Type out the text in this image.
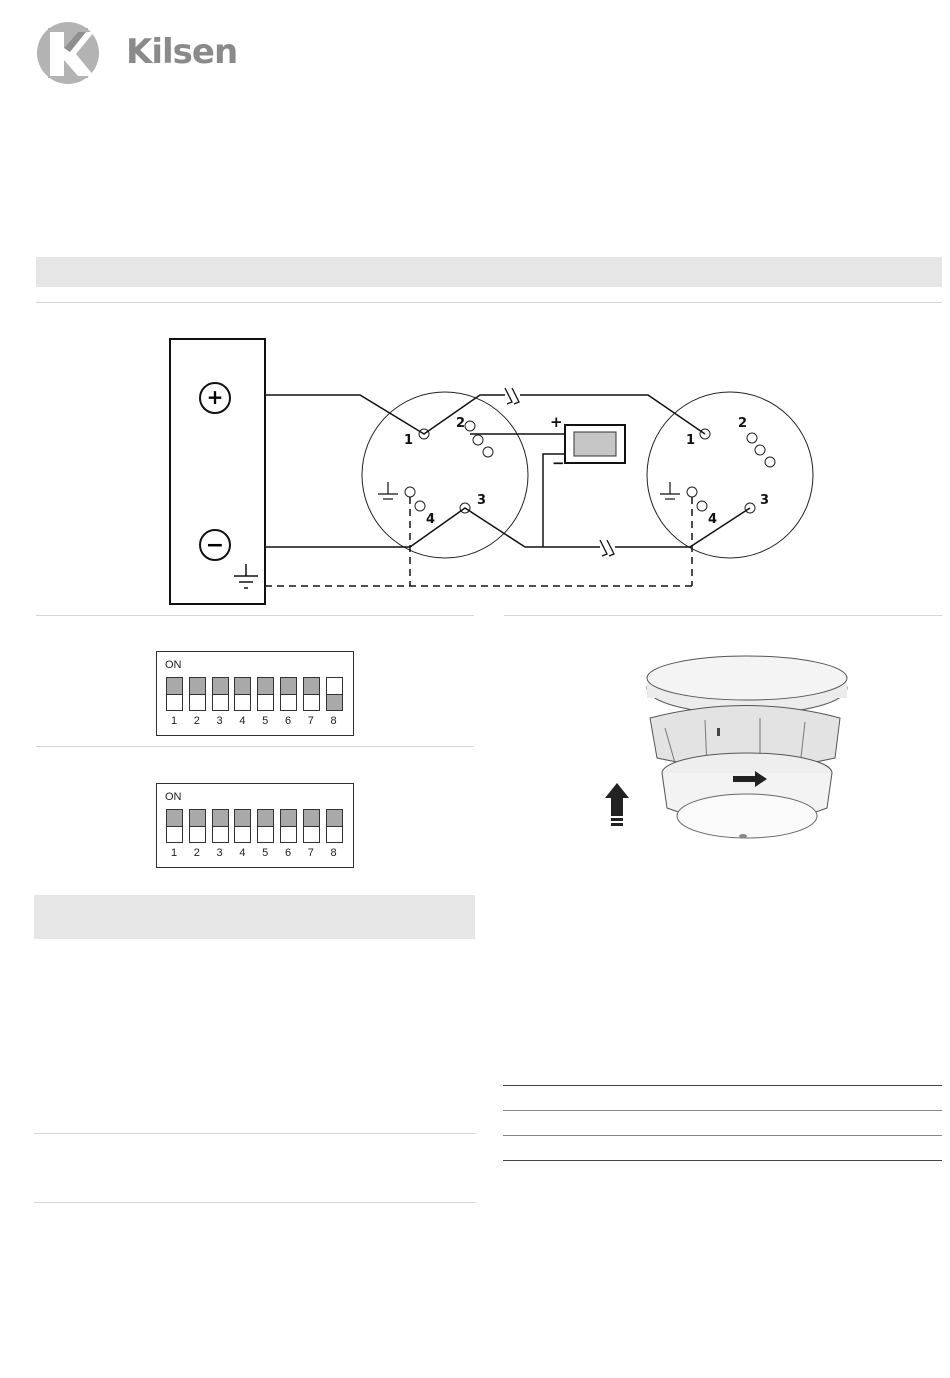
Kilsen
+
−
1
2
3
4
1
2
3
4
+
−
ON
1	2	3	4	5	6	7	8
ON
1	2	3	4	5	6	7	8
